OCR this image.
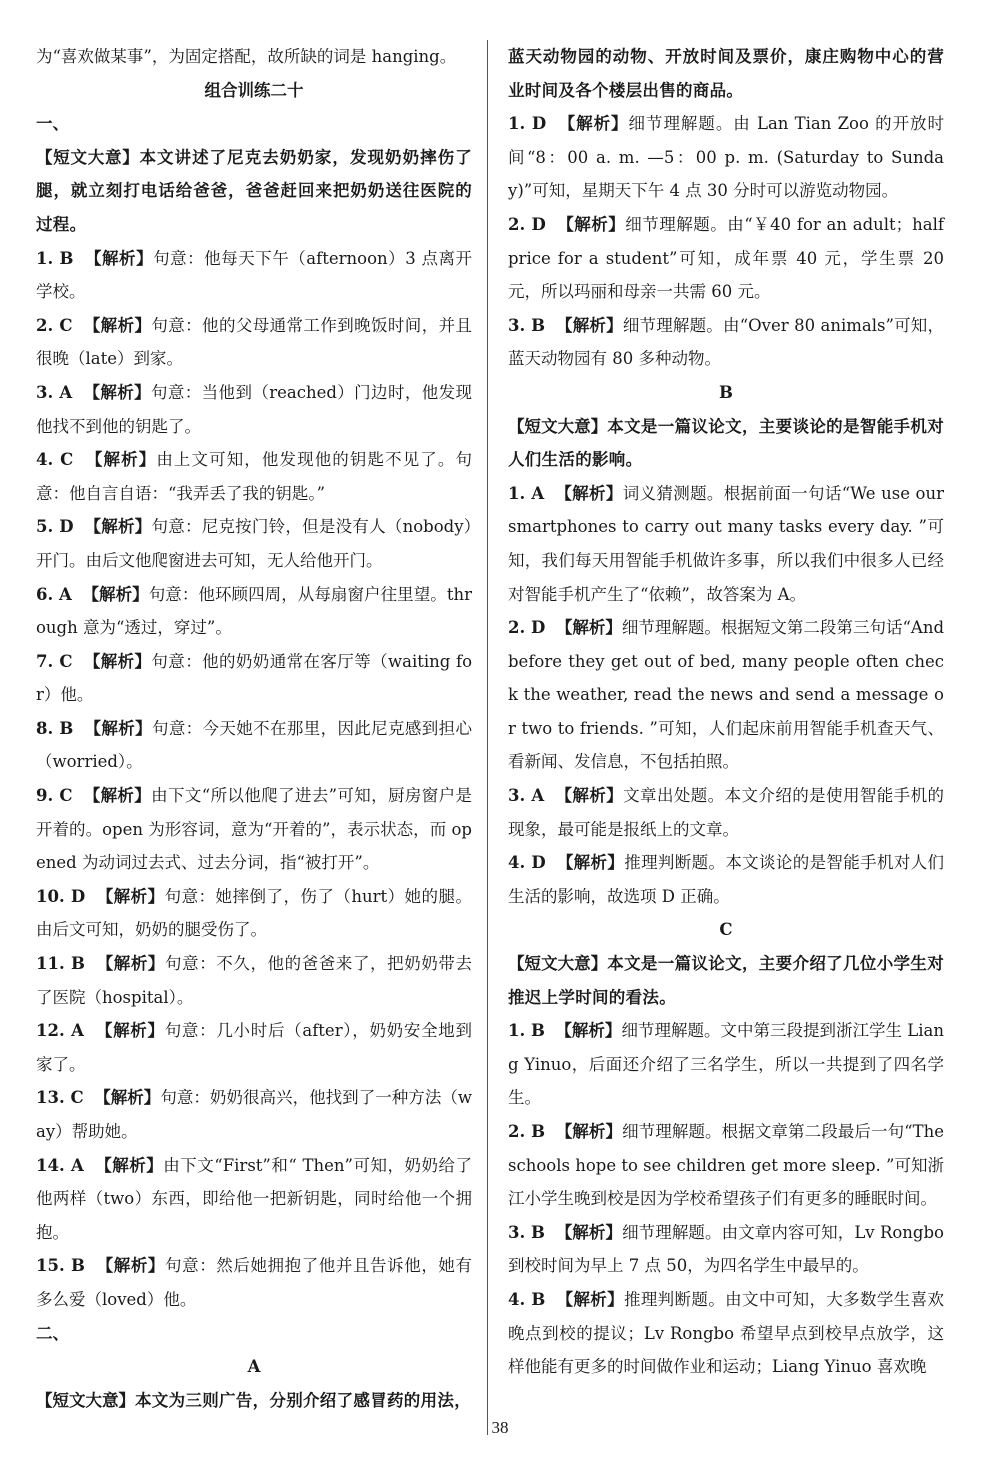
为“喜欢做某事”，为固定搭配，故所缺的词是 hanging。

组合训练二十

一、

【短文大意】本文讲述了尼克去奶奶家，发现奶奶摔伤了腿，就立刻打电话给爸爸，爸爸赶回来把奶奶送往医院的过程。

1. B 【解析】句意：他每天下午（afternoon）3 点离开学校。

2. C 【解析】句意：他的父母通常工作到晚饭时间，并且很晚（late）到家。

3. A 【解析】句意：当他到（reached）门边时，他发现他找不到他的钥匙了。

4. C 【解析】由上文可知，他发现他的钥匙不见了。句意：他自言自语：“我弄丢了我的钥匙。”

5. D 【解析】句意：尼克按门铃，但是没有人（nobody）开门。由后文他爬窗进去可知，无人给他开门。

6. A 【解析】句意：他环顾四周，从每扇窗户往里望。through 意为“透过，穿过”。

7. C 【解析】句意：他的奶奶通常在客厅等（waiting for）他。

8. B 【解析】句意：今天她不在那里，因此尼克感到担心（worried）。

9. C 【解析】由下文“所以他爬了进去”可知，厨房窗户是开着的。open 为形容词，意为“开着的”，表示状态，而 opened 为动词过去式、过去分词，指“被打开”。

10. D 【解析】句意：她摔倒了，伤了（hurt）她的腿。由后文可知，奶奶的腿受伤了。

11. B 【解析】句意：不久，他的爸爸来了，把奶奶带去了医院（hospital）。

12. A 【解析】句意：几小时后（after），奶奶安全地到家了。

13. C 【解析】句意：奶奶很高兴，他找到了一种方法（way）帮助她。

14. A 【解析】由下文“First”和“ Then”可知，奶奶给了他两样（two）东西，即给他一把新钥匙，同时给他一个拥抱。

15. B 【解析】句意：然后她拥抱了他并且告诉他，她有多么爱（loved）他。

二、

A

【短文大意】本文为三则广告，分别介绍了感冒药的用法，

蓝天动物园的动物、开放时间及票价，康庄购物中心的营业时间及各个楼层出售的商品。

1. D 【解析】细节理解题。由 Lan Tian Zoo 的开放时间“8：00 a. m. —5：00 p. m. (Saturday to Sunday)”可知，星期天下午 4 点 30 分时可以游览动物园。

2. D 【解析】细节理解题。由“￥40 for an adult；half price for a student”可知，成年票 40 元，学生票 20 元，所以玛丽和母亲一共需 60 元。

3. B 【解析】细节理解题。由“Over 80 animals”可知，蓝天动物园有 80 多种动物。

B

【短文大意】本文是一篇议论文，主要谈论的是智能手机对人们生活的影响。

1. A 【解析】词义猜测题。根据前面一句话“We use our smartphones to carry out many tasks every day. ”可知，我们每天用智能手机做许多事，所以我们中很多人已经对智能手机产生了“依赖”，故答案为 A。

2. D 【解析】细节理解题。根据短文第二段第三句话“And before they get out of bed, many people often check the weather, read the news and send a message or two to friends. ”可知，人们起床前用智能手机查天气、看新闻、发信息，不包括拍照。

3. A 【解析】文章出处题。本文介绍的是使用智能手机的现象，最可能是报纸上的文章。

4. D 【解析】推理判断题。本文谈论的是智能手机对人们生活的影响，故选项 D 正确。

C

【短文大意】本文是一篇议论文，主要介绍了几位小学生对推迟上学时间的看法。

1. B 【解析】细节理解题。文中第三段提到浙江学生 Liang Yinuo，后面还介绍了三名学生，所以一共提到了四名学生。

2. B 【解析】细节理解题。根据文章第二段最后一句“The schools hope to see children get more sleep. ”可知浙江小学生晚到校是因为学校希望孩子们有更多的睡眠时间。

3. B 【解析】细节理解题。由文章内容可知，Lv Rongbo 到校时间为早上 7 点 50，为四名学生中最早的。

4. B 【解析】推理判断题。由文中可知，大多数学生喜欢晚点到校的提议；Lv Rongbo 希望早点到校早点放学，这样他能有更多的时间做作业和运动；Liang Yinuo 喜欢晚

38
